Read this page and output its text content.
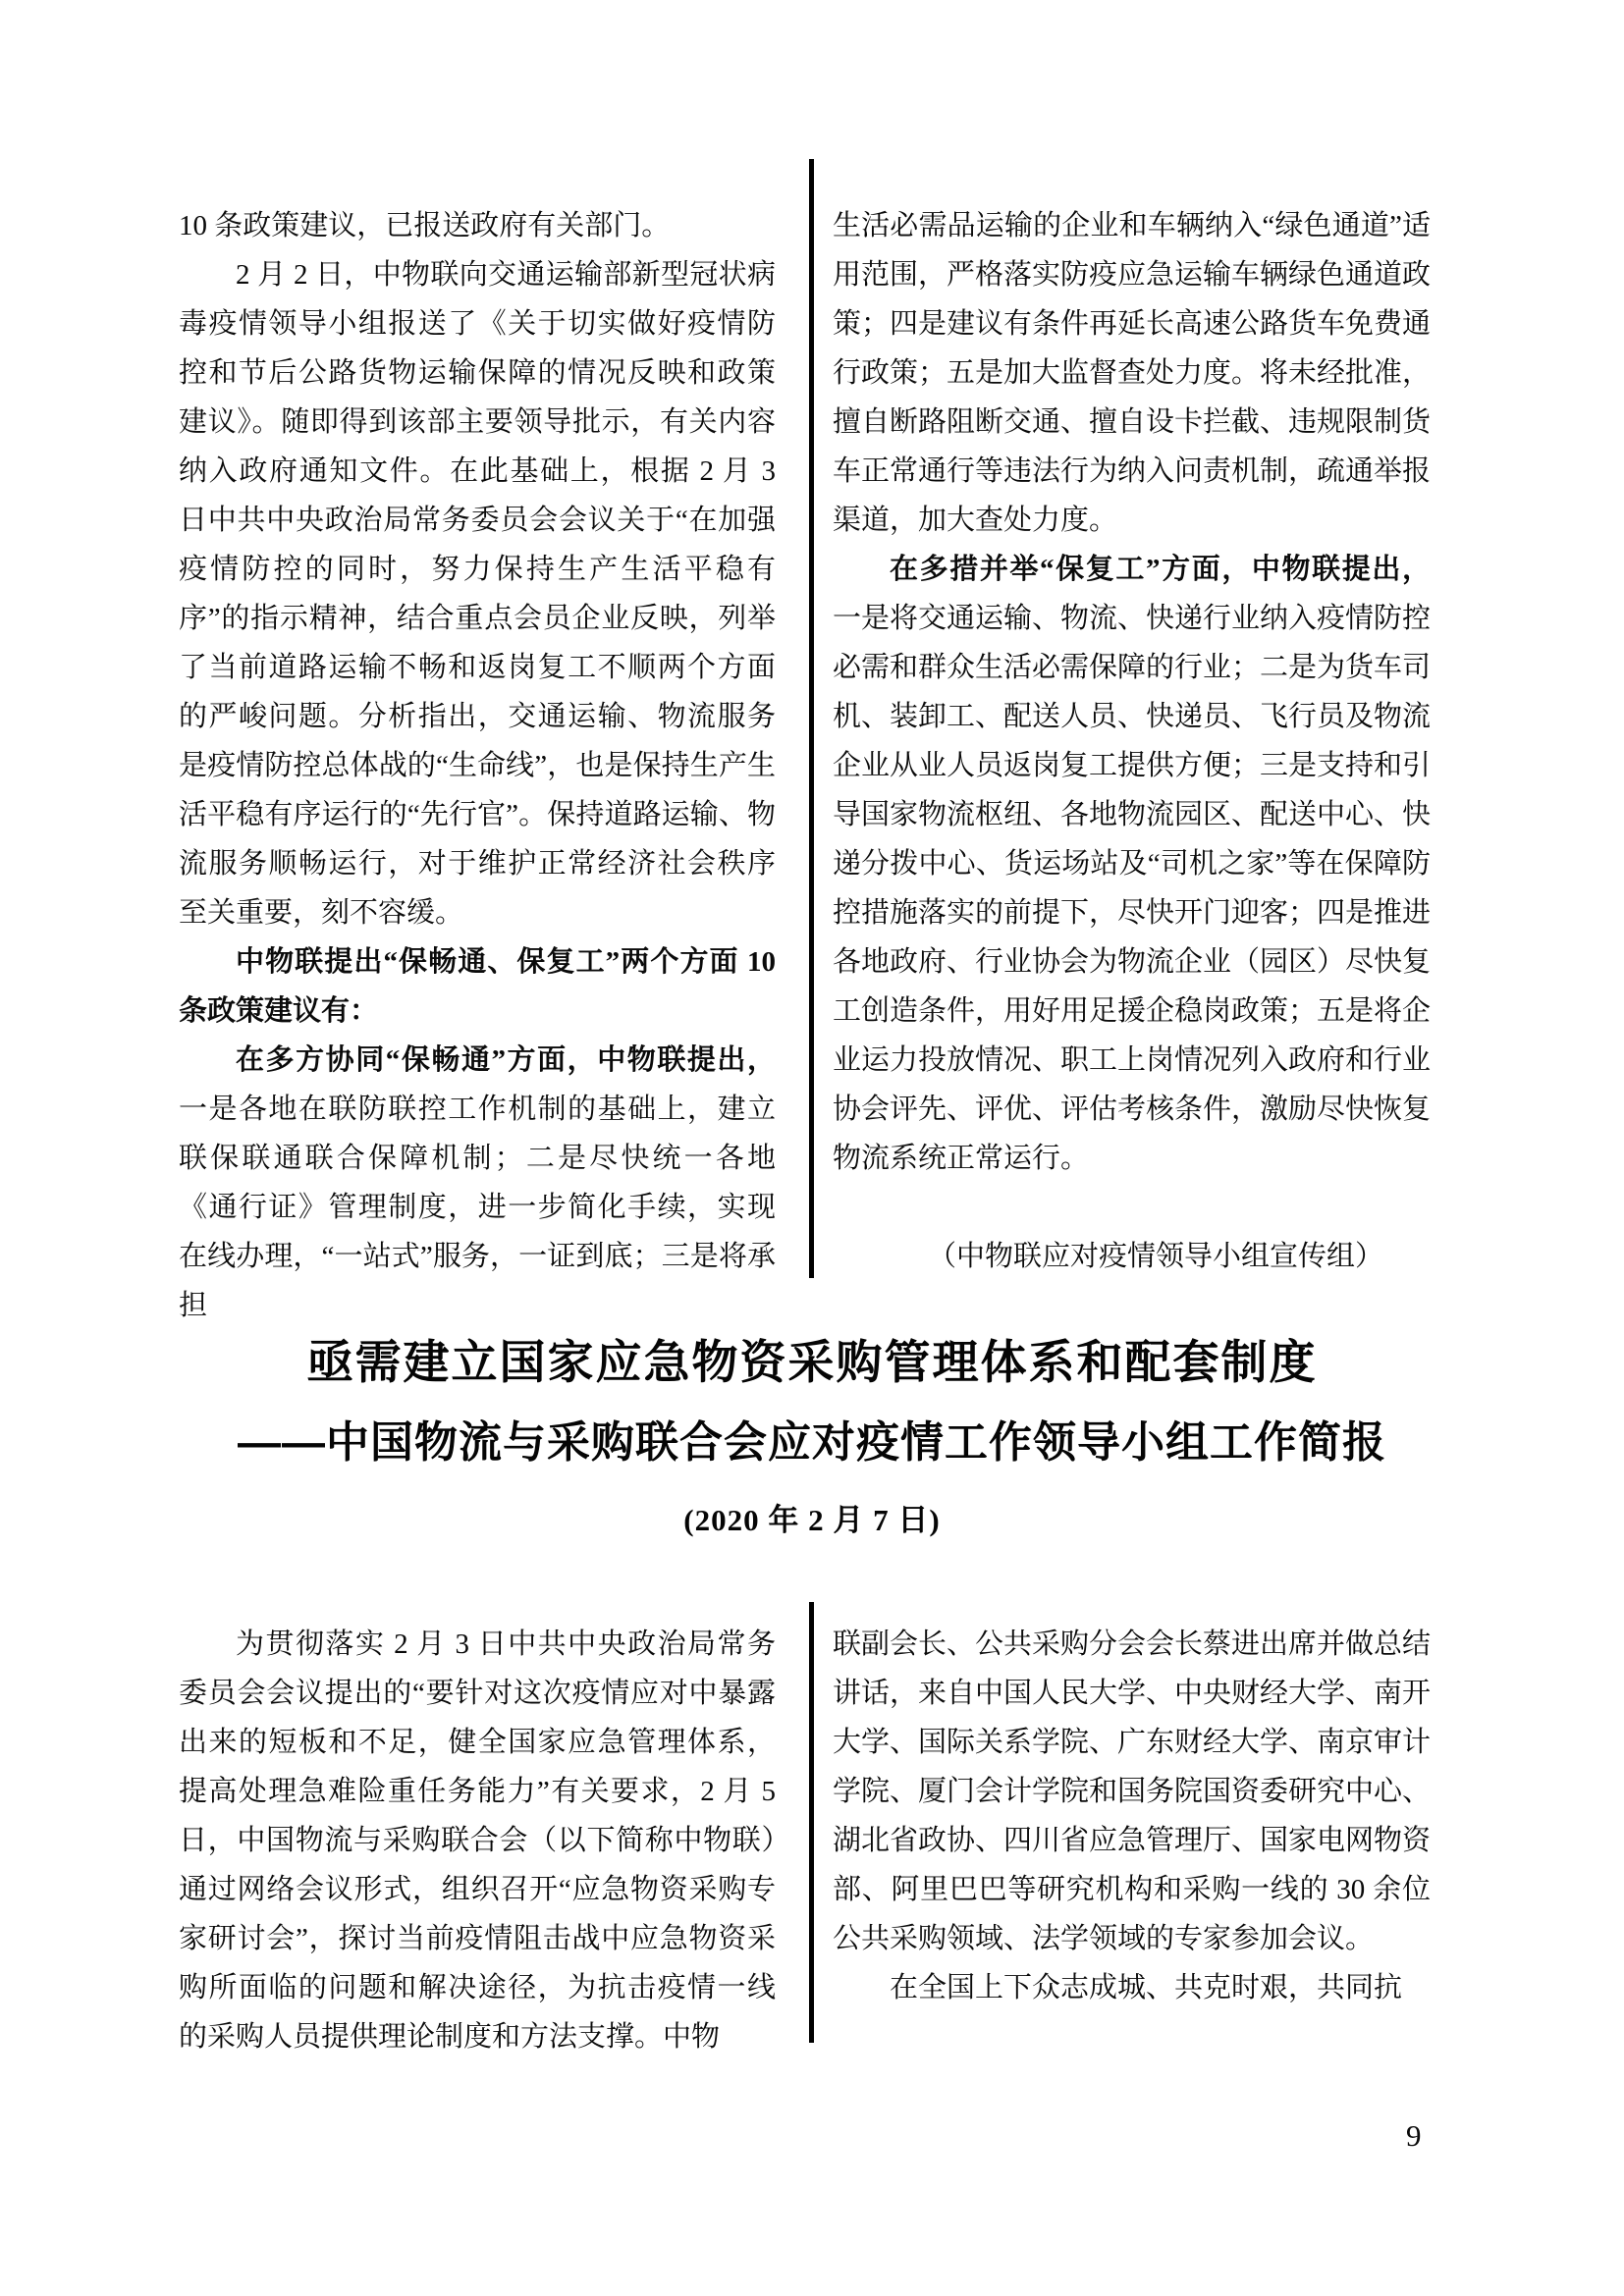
10 条政策建议，已报送政府有关部门。

2 月 2 日，中物联向交通运输部新型冠状病毒疫情领导小组报送了《关于切实做好疫情防控和节后公路货物运输保障的情况反映和政策建议》。随即得到该部主要领导批示，有关内容纳入政府通知文件。在此基础上，根据 2 月 3 日中共中央政治局常务委员会会议关于“在加强疫情防控的同时，努力保持生产生活平稳有序”的指示精神，结合重点会员企业反映，列举了当前道路运输不畅和返岗复工不顺两个方面的严峻问题。分析指出，交通运输、物流服务是疫情防控总体战的“生命线”，也是保持生产生活平稳有序运行的“先行官”。保持道路运输、物流服务顺畅运行，对于维护正常经济社会秩序至关重要，刻不容缓。

中物联提出“保畅通、保复工”两个方面 10 条政策建议有：

在多方协同“保畅通”方面，中物联提出，一是各地在联防联控工作机制的基础上，建立联保联通联合保障机制；二是尽快统一各地《通行证》管理制度，进一步简化手续，实现在线办理，“一站式”服务，一证到底；三是将承担

生活必需品运输的企业和车辆纳入“绿色通道”适用范围，严格落实防疫应急运输车辆绿色通道政策；四是建议有条件再延长高速公路货车免费通行政策；五是加大监督查处力度。将未经批准，擅自断路阻断交通、擅自设卡拦截、违规限制货车正常通行等违法行为纳入问责机制，疏通举报渠道，加大查处力度。

在多措并举“保复工”方面，中物联提出，一是将交通运输、物流、快递行业纳入疫情防控必需和群众生活必需保障的行业；二是为货车司机、装卸工、配送人员、快递员、飞行员及物流企业从业人员返岗复工提供方便；三是支持和引导国家物流枢纽、各地物流园区、配送中心、快递分拨中心、货运场站及“司机之家”等在保障防控措施落实的前提下，尽快开门迎客；四是推进各地政府、行业协会为物流企业（园区）尽快复工创造条件，用好用足援企稳岗政策；五是将企业运力投放情况、职工上岗情况列入政府和行业协会评先、评优、评估考核条件，激励尽快恢复物流系统正常运行。

（中物联应对疫情领导小组宣传组）

亟需建立国家应急物资采购管理体系和配套制度
——中国物流与采购联合会应对疫情工作领导小组工作简报
(2020 年 2 月 7 日)

为贯彻落实 2 月 3 日中共中央政治局常务委员会会议提出的“要针对这次疫情应对中暴露出来的短板和不足，健全国家应急管理体系，提高处理急难险重任务能力”有关要求，2 月 5 日，中国物流与采购联合会（以下简称中物联）通过网络会议形式，组织召开“应急物资采购专家研讨会”，探讨当前疫情阻击战中应急物资采购所面临的问题和解决途径，为抗击疫情一线的采购人员提供理论制度和方法支撑。中物

联副会长、公共采购分会会长蔡进出席并做总结讲话，来自中国人民大学、中央财经大学、南开大学、国际关系学院、广东财经大学、南京审计学院、厦门会计学院和国务院国资委研究中心、湖北省政协、四川省应急管理厅、国家电网物资部、阿里巴巴等研究机构和采购一线的 30 余位公共采购领域、法学领域的专家参加会议。

在全国上下众志成城、共克时艰，共同抗

9
